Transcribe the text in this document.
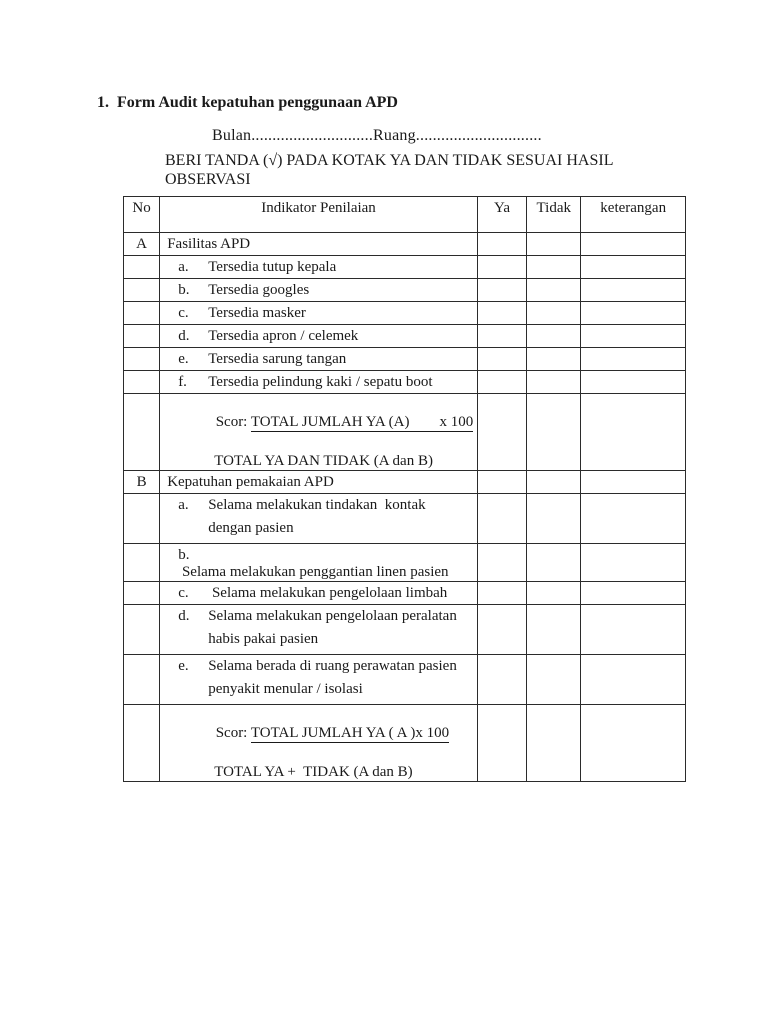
1. Form Audit kepatuhan penggunaan APD
Bulan.............................Ruang..............................
BERI TANDA (√) PADA KOTAK YA DAN TIDAK SESUAI HASIL
OBSERVASI
No	Indikator Penilaian	Ya	Tidak	keterangan
A	Fasilitas APD			
	a. Tersedia tutup kepala			
	b. Tersedia googles			
	c. Tersedia masker			
	d. Tersedia apron / celemek			
	e. Tersedia sarung tangan			
	f. Tersedia pelindung kaki / sepatu boot			

Scor: TOTAL JUMLAH YA (A)        x 100

TOTAL YA DAN TIDAK (A dan B)			

B	Kepatuhan pemakaian APD			

	a. Selama melakukan tindakan  kontak
dengan pasien			

	b. Selama melakukan penggantian linen pasien			
	c. Selama melakukan pengelolaan limbah			

	d. Selama melakukan pengelolaan peralatan
habis pakai pasien			

	e. Selama berada di ruang perawatan pasien
penyakit menular / isolasi			

Scor: TOTAL JUMLAH YA ( A )x 100

TOTAL YA +  TIDAK (A dan B)			
